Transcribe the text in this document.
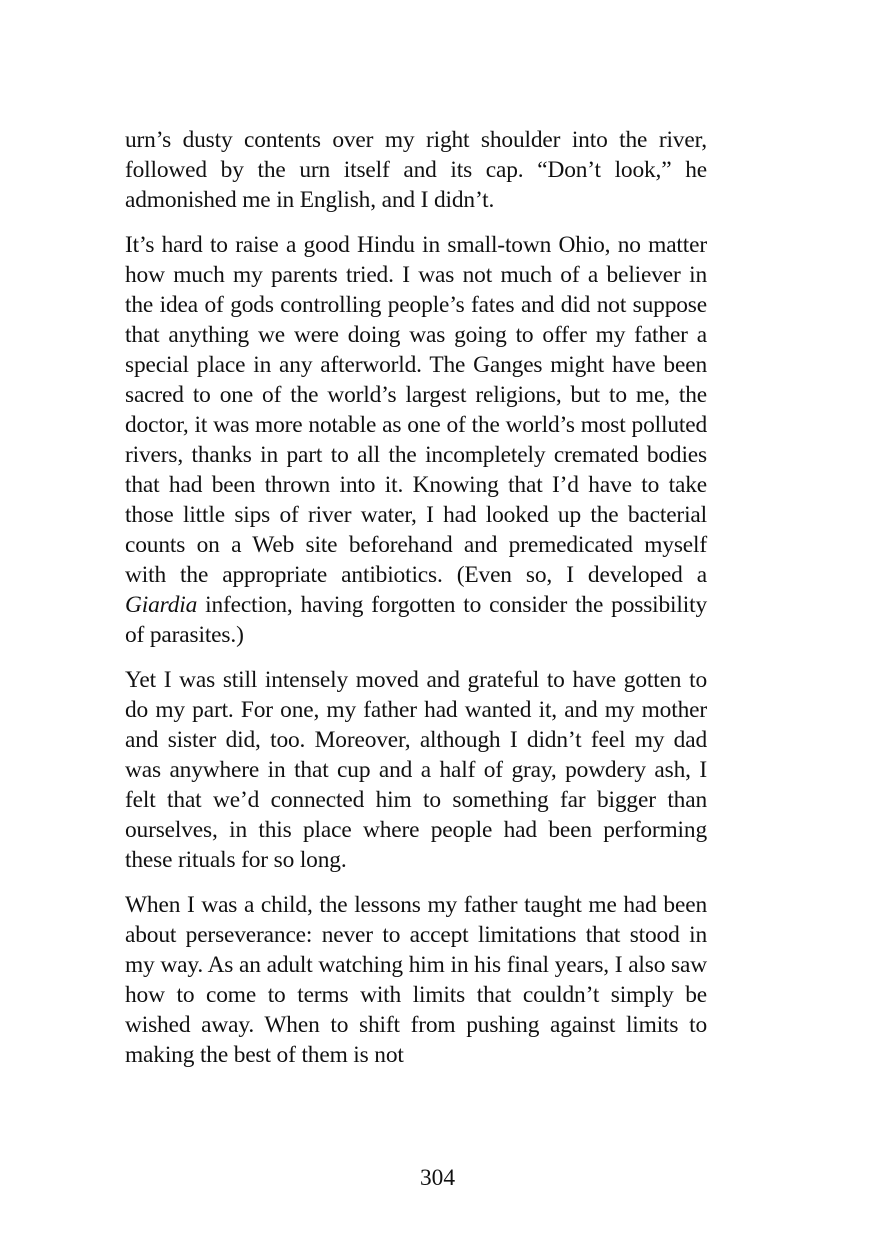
urn’s dusty contents over my right shoulder into the river, followed by the urn itself and its cap. “Don’t look,” he admonished me in English, and I didn’t.

It’s hard to raise a good Hindu in small-town Ohio, no matter how much my parents tried. I was not much of a believer in the idea of gods controlling people’s fates and did not suppose that anything we were doing was going to offer my father a special place in any afterworld. The Ganges might have been sacred to one of the world’s largest religions, but to me, the doctor, it was more notable as one of the world’s most polluted rivers, thanks in part to all the incompletely cremated bodies that had been thrown into it. Knowing that I’d have to take those little sips of river water, I had looked up the bacterial counts on a Web site beforehand and premedicated myself with the appropriate antibiotics. (Even so, I developed a Giardia infection, having forgotten to consider the possibility of parasites.)

Yet I was still intensely moved and grateful to have gotten to do my part. For one, my father had wanted it, and my mother and sister did, too. Moreover, although I didn’t feel my dad was anywhere in that cup and a half of gray, powdery ash, I felt that we’d connected him to something far bigger than ourselves, in this place where people had been performing these rituals for so long.

When I was a child, the lessons my father taught me had been about perseverance: never to accept limitations that stood in my way. As an adult watching him in his final years, I also saw how to come to terms with limits that couldn’t simply be wished away. When to shift from pushing against limits to making the best of them is not

304
